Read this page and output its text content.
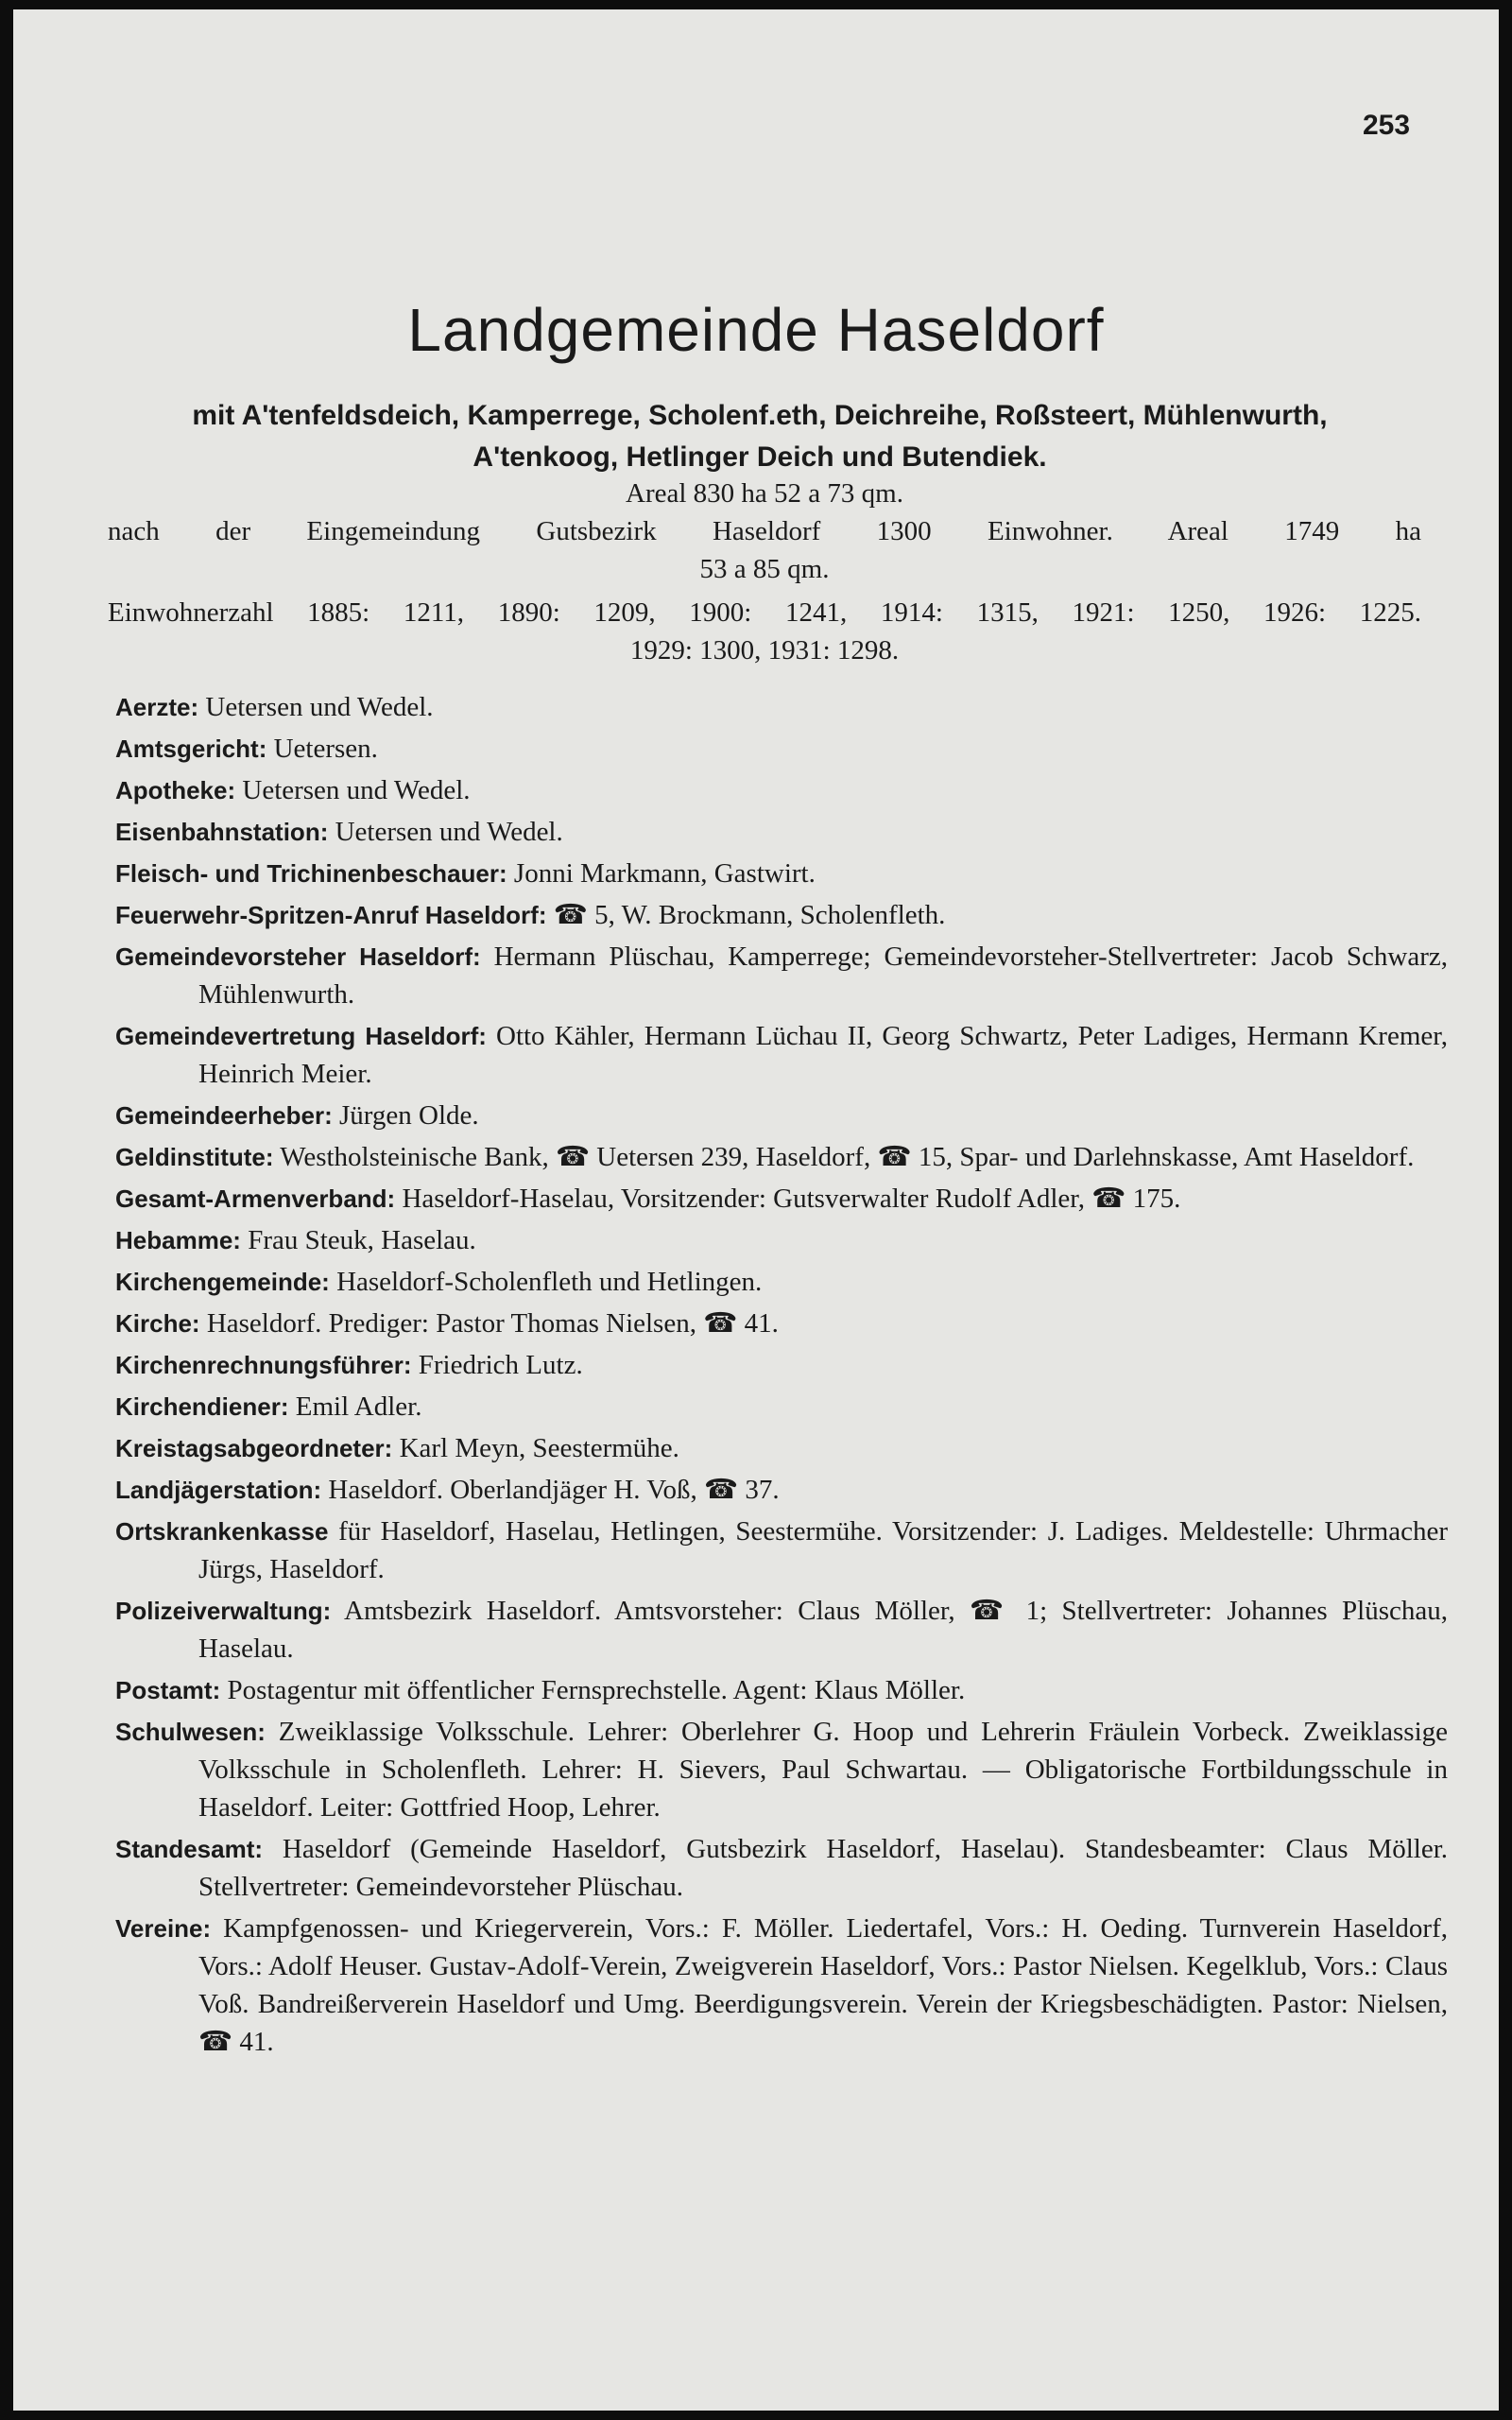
253
Landgemeinde Haseldorf
mit A'tenfeldsdeich, Kamperrege, Scholenf.eth, Deichreihe, Roßsteert, Mühlenwurth,
A'tenkoog, Hetlinger Deich und Butendiek.
Areal 830 ha 52 a 73 qm.
nach der Eingemeindung Gutsbezirk Haseldorf 1300 Einwohner. Areal 1749 ha
53 a 85 qm.
Einwohnerzahl 1885: 1211, 1890: 1209, 1900: 1241, 1914: 1315, 1921: 1250, 1926: 1225.
1929: 1300, 1931: 1298.
Aerzte: Uetersen und Wedel.
Amtsgericht: Uetersen.
Apotheke: Uetersen und Wedel.
Eisenbahnstation: Uetersen und Wedel.
Fleisch- und Trichinenbeschauer: Jonni Markmann, Gastwirt.
Feuerwehr-Spritzen-Anruf Haseldorf: ☎ 5, W. Brockmann, Scholenfleth.
Gemeindevorsteher Haseldorf: Hermann Plüschau, Kamperrege; Gemeindevorsteher-Stellvertreter: Jacob Schwarz, Mühlenwurth.
Gemeindevertretung Haseldorf: Otto Kähler, Hermann Lüchau II, Georg Schwartz, Peter Ladiges, Hermann Kremer, Heinrich Meier.
Gemeindeerheber: Jürgen Olde.
Geldinstitute: Westholsteinische Bank, ☎ Uetersen 239, Haseldorf, ☎ 15, Spar- und Darlehnskasse, Amt Haseldorf.
Gesamt-Armenverband: Haseldorf-Haselau, Vorsitzender: Gutsverwalter Rudolf Adler, ☎ 175.
Hebamme: Frau Steuk, Haselau.
Kirchengemeinde: Haseldorf-Scholenfleth und Hetlingen.
Kirche: Haseldorf. Prediger: Pastor Thomas Nielsen, ☎ 41.
Kirchenrechnungsführer: Friedrich Lutz.
Kirchendiener: Emil Adler.
Kreistagsabgeordneter: Karl Meyn, Seestermühe.
Landjägerstation: Haseldorf. Oberlandjäger H. Voß, ☎ 37.
Ortskrankenkasse für Haseldorf, Haselau, Hetlingen, Seestermühe. Vorsitzender: J. Ladiges. Meldestelle: Uhrmacher Jürgs, Haseldorf.
Polizeiverwaltung: Amtsbezirk Haseldorf. Amtsvorsteher: Claus Möller, ☎ 1; Stellvertreter: Johannes Plüschau, Haselau.
Postamt: Postagentur mit öffentlicher Fernsprechstelle. Agent: Klaus Möller.
Schulwesen: Zweiklassige Volksschule. Lehrer: Oberlehrer G. Hoop und Lehrerin Fräulein Vorbeck. Zweiklassige Volksschule in Scholenfleth. Lehrer: H. Sievers, Paul Schwartau. — Obligatorische Fortbildungsschule in Haseldorf. Leiter: Gottfried Hoop, Lehrer.
Standesamt: Haseldorf (Gemeinde Haseldorf, Gutsbezirk Haseldorf, Haselau). Standesbeamter: Claus Möller. Stellvertreter: Gemeindevorsteher Plüschau.
Vereine: Kampfgenossen- und Kriegerverein, Vors.: F. Möller. Liedertafel, Vors.: H. Oeding. Turnverein Haseldorf, Vors.: Adolf Heuser. Gustav-Adolf-Verein, Zweigverein Haseldorf, Vors.: Pastor Nielsen. Kegelklub, Vors.: Claus Voß. Bandreißerverein Haseldorf und Umg. Beerdigungsverein. Verein der Kriegsbeschädigten. Pastor: Nielsen, ☎ 41.
